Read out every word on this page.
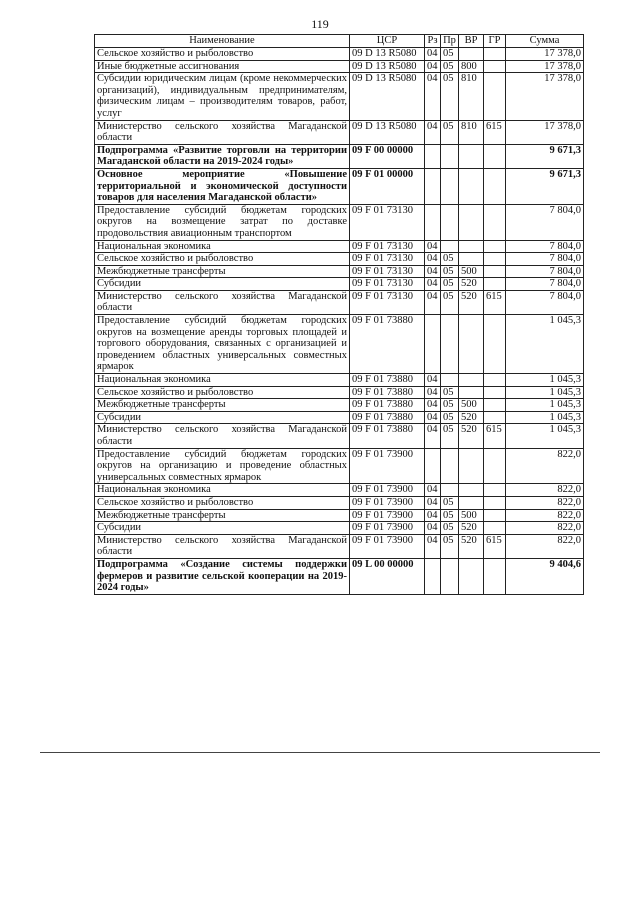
119
Наименование	ЦСР	Рз	Пр	ВР	ГР	Сумма
Сельское хозяйство и рыболовство	09 D 13 R5080	04	05			17 378,0
Иные бюджетные ассигнования	09 D 13 R5080	04	05	800		17 378,0
Субсидии юридическим лицам (кроме некоммерческих организаций), индивидуальным предпринимателям, физическим лицам – производителям товаров, работ, услуг	09 D 13 R5080	04	05	810		17 378,0
Министерство сельского хозяйства Магаданской области	09 D 13 R5080	04	05	810	615	17 378,0
Подпрограмма «Развитие торговли на территории Магаданской области на 2019-2024 годы»	09 F 00 00000					9 671,3
Основное мероприятие «Повышение территориальной и экономической доступности товаров для населения Магаданской области»	09 F 01 00000					9 671,3
Предоставление субсидий бюджетам городских округов на возмещение затрат по доставке продовольствия авиационным транспортом	09 F 01 73130					7 804,0
Национальная экономика	09 F 01 73130	04				7 804,0
Сельское хозяйство и рыболовство	09 F 01 73130	04	05			7 804,0
Межбюджетные трансферты	09 F 01 73130	04	05	500		7 804,0
Субсидии	09 F 01 73130	04	05	520		7 804,0
Министерство сельского хозяйства Магаданской области	09 F 01 73130	04	05	520	615	7 804,0
Предоставление субсидий бюджетам городских округов на возмещение аренды торговых площадей и торгового оборудования, связанных с организацией и проведением областных универсальных совместных ярмарок	09 F 01 73880					1 045,3
Национальная экономика	09 F 01 73880	04				1 045,3
Сельское хозяйство и рыболовство	09 F 01 73880	04	05			1 045,3
Межбюджетные трансферты	09 F 01 73880	04	05	500		1 045,3
Субсидии	09 F 01 73880	04	05	520		1 045,3
Министерство сельского хозяйства Магаданской области	09 F 01 73880	04	05	520	615	1 045,3
Предоставление субсидий бюджетам городских округов на организацию и проведение областных универсальных совместных ярмарок	09 F 01 73900					822,0
Национальная экономика	09 F 01 73900	04				822,0
Сельское хозяйство и рыболовство	09 F 01 73900	04	05			822,0
Межбюджетные трансферты	09 F 01 73900	04	05	500		822,0
Субсидии	09 F 01 73900	04	05	520		822,0
Министерство сельского хозяйства Магаданской области	09 F 01 73900	04	05	520	615	822,0
Подпрограмма «Создание системы поддержки фермеров и развитие сельской кооперации на 2019-2024 годы»	09 L 00 00000					9 404,6
